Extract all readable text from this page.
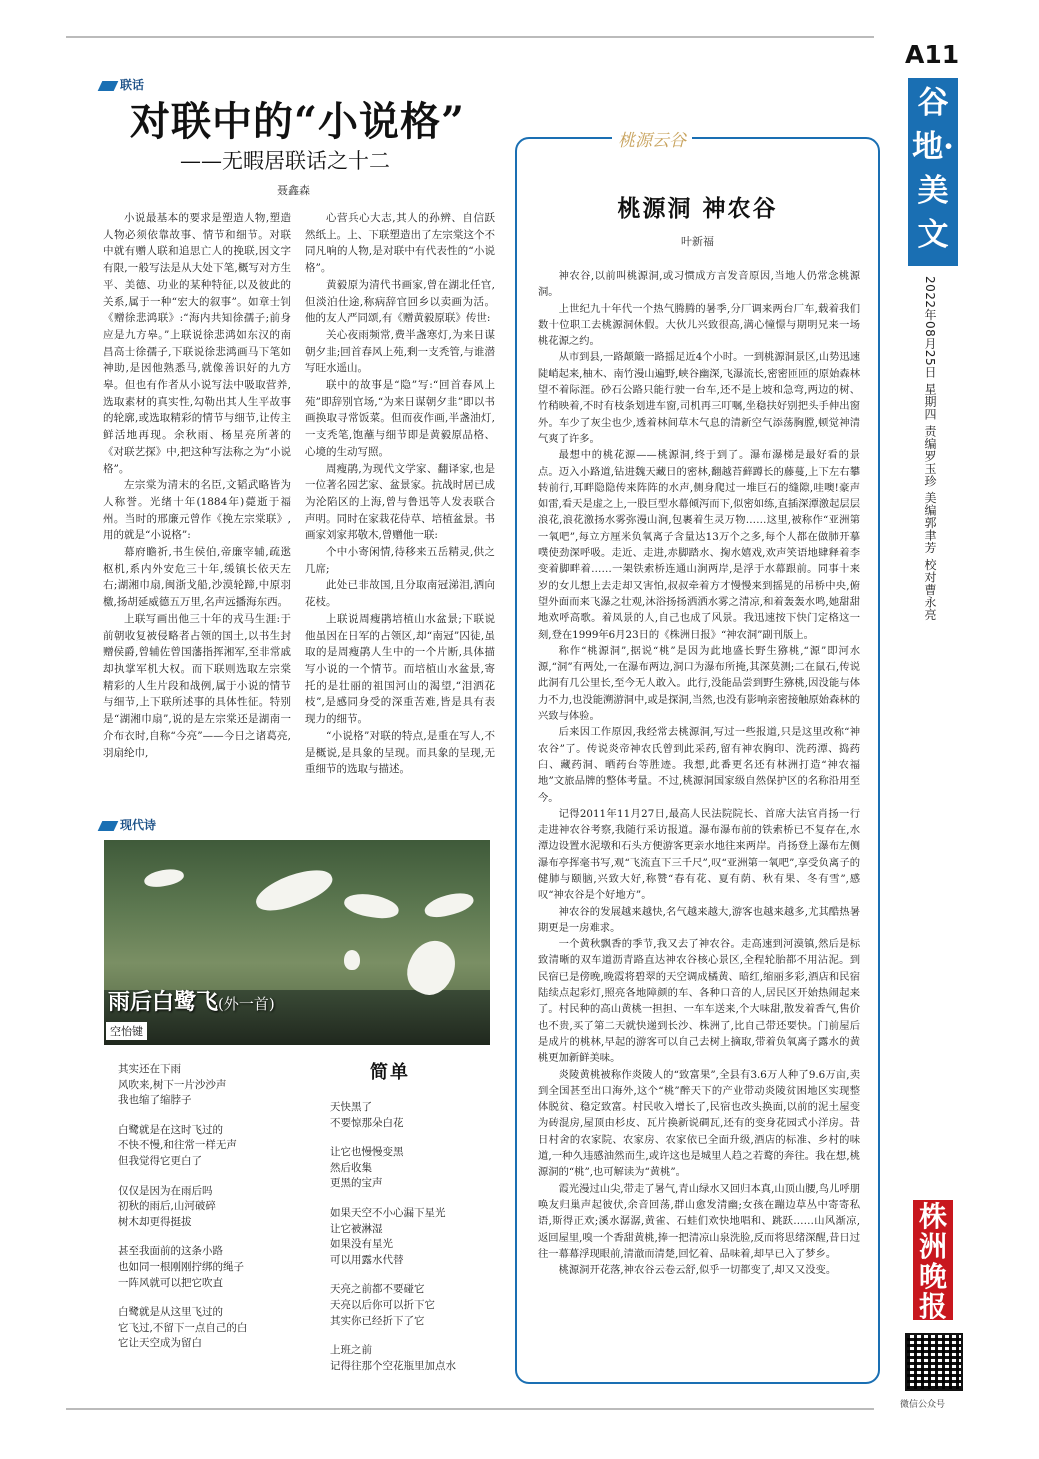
A11
谷地·美文
2022年08月25日 星期四 责编罗玉珍 美编郭聿芳 校对曹永亮
株洲晚报
微信公众号
联话
对联中的“小说格”
——无暇居联话之十二
聂鑫森

小说最基本的要求是塑造人物,塑造人物必须依靠故事、情节和细节。对联中就有赠人联和追思亡人的挽联,因文字有限,一般写法是从大处下笔,概写对方生平、美德、功业的某种特征,以及彼此的关系,属于一种“宏大的叙事”。如章士钊《赠徐悲鸿联》:“海内共知徐孺子;前身应是九方皋。”上联说徐悲鸿如东汉的南昌高士徐孺子,下联说徐悲鸿画马下笔如神助,是因他熟悉马,就像善识好的九方皋。但也有作者从小说写法中吸取营养,选取素材的真实性,勾勒出其人生平故事的轮廓,或选取精彩的情节与细节,让传主鲜活地再现。余秋雨、杨星亮所著的《对联艺探》中,把这种写法称之为“小说格”。

左宗棠为清末的名臣,文韬武略皆为人称誉。光绪十年(1884年)薨逝于福州。当时的邢廉元曾作《挽左宗棠联》,用的就是“小说格”:

幕府瞻祈,书生侯伯,帝廉宰辅,疏逖枢机,系内外安危三十年,缓镇长依天左右;湖湘巾扇,闽浙戈船,沙漠轮蹄,中原羽檄,扬胡延威德五万里,名声远播海东西。

上联写画出他三十年的戎马生涯:于前朝收复被侵略者占领的国土,以书生封赠侯爵,曾辅佐曾国藩指挥湘军,至非常戚却执掌军机大权。而下联则选取左宗棠精彩的人生片段和战例,属于小说的情节与细节,上下联所述事的具体性征。特别是“湖湘巾扇”,说的是左宗棠还是湖南一介布衣时,自称“今亮”——今日之诸葛亮,羽扇纶巾,

心营兵心大志,其人的孙辨、自信跃然纸上。上、下联塑造出了左宗棠这个不同凡响的人物,是对联中有代表性的“小说格”。

黄毅原为清代书画家,曾在湖北任官,但淡泊仕途,称病辞官回乡以卖画为活。他的友人严同颂,有《赠黄毅原联》传世:

关心夜雨频常,费半盏寒灯,为来日谋朝夕韭;回首春风上苑,剩一支秃管,与谁潜写旺水遥山。

联中的故事是“隐”写:“回首春风上苑”即辞别官场,“为来日谋朝夕韭”即以书画换取寻常饭菜。但而夜作画,半盏油灯,一支秃笔,饱蘸与细节即是黄毅原品格、心境的生动写照。

周瘦鹃,为现代文学家、翻译家,也是一位著名园艺家、盆景家。抗战时居已成为沦陷区的上海,曾与鲁迅等人发表联合声明。同时在家栽花侍草、培植盆景。书画家刘家邦敬木,曾赠他一联:

个中小寄闲情,待移来五岳精灵,供之几席;

此处已非故国,且分取南冠涕泪,洒向花枝。

上联说周瘦鹃培植山水盆景;下联说他虽因在日军的占领区,却“南冠”囚徒,虽取的是周瘦鹃人生中的一个片断,具体描写小说的一个情节。而培植山水盆景,寄托的是壮丽的祖国河山的渴望,“泪洒花枝”,是感同身受的深重苦难,皆是具有表现力的细节。

“小说格”对联的特点,是重在写人,不是概说,是具象的呈现。而具象的呈现,无重细节的选取与描述。

桃源云谷
桃源洞 神农谷
叶新福

神农谷,以前叫桃源洞,或习惯成方言发音原因,当地人仍常念桃源洞。

上世纪九十年代一个热气腾腾的暑季,分厂调来两台厂车,载着我们数十位职工去桃源洞休假。大伙儿兴致很高,满心憧憬与期明兄来一场桃花源之约。

从市到县,一路颠簸一路摇足近4个小时。一到桃源洞景区,山势迅速陡峭起来,柚木、南竹漫山遍野,峡谷幽深,飞瀑流长,密密匝匝的原始森林望不着际涯。砂石公路只能行驶一台车,还不是上坡和急弯,两边的树、竹稍映着,不时有枝条划进车窗,司机再三叮嘱,坐稳扶好别把头手伸出窗外。车少了灰尘也少,透着林间草木气息的清新空气添荡胸膛,顿觉神清气爽了许多。

最想中的桃花源——桃源洞,终于到了。瀑布瀑梯是最好看的景点。迈入小路道,钻进魏天藏日的密林,翻越苔藓蹲长的藤蔓,上下左右攀转前行,耳畔隐隐传来阵阵的水声,侧身爬过一堆巨石的缝隙,哇噢!豪声如雷,看天是虚之上,一股巨型水幕倾泻而下,似密如练,直插深潭激起层层浪花,浪花激扬水雾弥漫山涧,包裹着生灵万物……这里,被称作“亚洲第一氧吧”,每立方厘米负氧离子含量达13万个之多,每个人都在做肺开摹噗使劲深呼吸。走近、走进,赤脚踏水、掬水嬉戏,欢声笑语地肆释着李变着脚畔着……一架铁索桥连通山涧两岸,是浮于水幕跟前。同事十来岁的女儿想上去走却又害怕,叔叔牵着方才慢慢来到摇晃的吊桥中央,俯望外面而来飞瀑之壮观,沐浴扬扬洒洒水雾之清凉,和着轰轰水鸣,她甜甜地欢呼高歌。着凤景的人,自己也成了风景。我迅速按下快门定格这一刻,登在1999年6月23日的《株洲日报》“神农洞”副刊版上。

称作“桃源洞”,据说“桃”是因为此地盛长野生猕桃,“源”即河水源,“洞”有两处,一在瀑布两边,洞口为瀑布所掩,其深莫测;二在鼠石,传说此洞有几公里长,至今无人敢入。此行,没能品尝到野生猕桃,因没能与体力不力,也没能溯游洞中,或是探洞,当然,也没有影响亲密接触原始森林的兴致与体验。

后来因工作原因,我经常去桃源洞,写过一些报道,只是这里改称“神农谷”了。传说炎帝神农氏曾到此采药,留有神农胸印、洗药潭、捣药臼、藏药洞、晒药台等胜迹。我想,此番更名还有林洲打造“神农福地”文旅品牌的整体考量。不过,桃源洞国家级自然保护区的名称沿用至今。

记得2011年11月27日,最高人民法院院长、首席大法官肖扬一行走进神农谷考察,我随行采访报道。瀑布瀑布前的铁索桥已不复存在,水潭边设置水泥墩和石头方便游客更亲水地往来两岸。肖扬登上瀑布左侧瀑布亭挥毫书写,观“飞流直下三千尺”,叹“亚洲第一氧吧”,享受负离子的健肺与颐脑,兴致大好,称赞“春有花、夏有荫、秋有果、冬有雪”,感叹“神农谷是个好地方”。

神农谷的发展越来越快,名气越来越大,游客也越来越多,尤其酷热暑期更是一房难求。

一个黄秋飘香的季节,我又去了神农谷。走高速到河漠镇,然后是标致清晰的双车道沥青路直达神农谷核心景区,全程轮胎都不用沾泥。到民宿已是傍晚,晚霞将碧翠的天空调成橘黄、暗红,缩丽多彩,酒店和民宿陆续点起彩灯,照亮各地障颜的车、各种口音的人,居民区开始热闹起来了。村民种的高山黄桃一担担、一车车送来,个大味甜,散发着香气,售价也不贵,买了第二天就快递到长沙、株洲了,比自己带还要快。门前屋后是成片的桃林,早起的游客可以自己去树上摘取,带着负氧离子露水的黄桃更加新鲜美味。

炎陵黄桃被称作炎陵人的“致富果”,全县有3.6万人种了9.6万亩,卖到全国甚至出口海外,这个“桃”醉天下的产业带动炎陵贫困地区实现整体脱贫、稳定致富。村民收入增长了,民宿也改头换面,以前的泥土屋变为砖混房,屋顶由杉皮、瓦片换新说碉瓦,还有的变身花园式小洋房。昔日村舍的农家院、农家房、农家依已全面升级,酒店的标准、乡村的味道,一种久违感油然而生,或许这也是城里人趋之若鹜的奔往。我在想,桃源洞的“桃”,也可解读为“黄桃”。

霞光漫过山尖,带走了暑气,青山绿水又回归本真,山顶山腰,鸟儿呼朋唤友归巢声起彼伏,余音回荡,群山愈发清幽;女孩在蹦边草丛中寄寄私语,斯得正欢;溪水潺潺,黄雀、石蛙们欢快地唱和、跳跃……山风渐凉,返回屋里,嗅一个香甜黄桃,捧一把清凉山泉洗脸,反而将思绪深醒,昔日过往一幕幕浮现眼前,清澈而清楚,回忆着、品味着,却早已入了梦乡。

桃源洞开花落,神农谷云卷云舒,似乎一切都变了,却又又没变。

现代诗
雨后白鹭飞(外一首)
空怡键
其实还在下雨
风吹来,树下一片沙沙声
我也缩了缩脖子
白鹭就是在这时飞过的
不快不慢,和往常一样无声
但我觉得它更白了
仅仅是因为在雨后吗
初秋的雨后,山河破碎
树木却更得挺拔
甚至我面前的这条小路
也如同一根刚刚拧绑的绳子
一阵风就可以把它吹直
白鹭就是从这里飞过的
它飞过,不留下一点自己的白
它让天空成为留白
简单
天快黑了
不要惊那朵白花
让它也慢慢变黑
然后收集
更黑的宝声
如果天空不小心漏下星光
让它被淋湿
如果没有星光
可以用露水代替
天亮之前都不要碰它
天亮以后你可以折下它
其实你已经折下了它
上班之前
记得往那个空花瓶里加点水
